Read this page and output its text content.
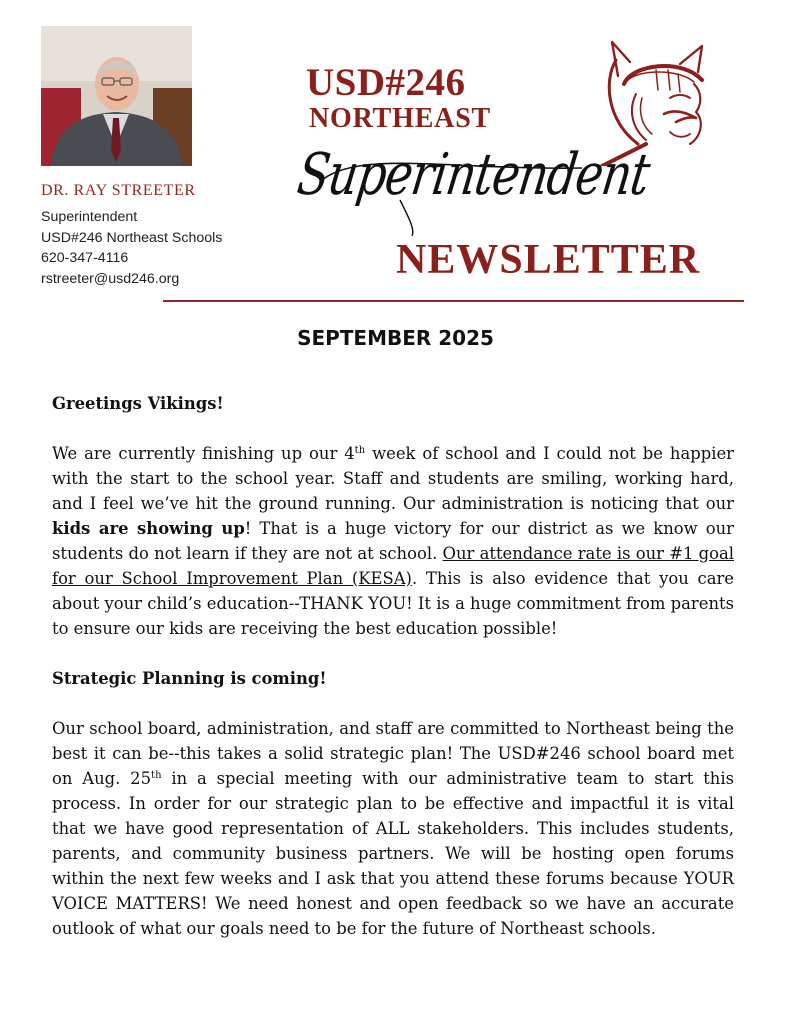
DR. RAY STREETER
Superintendent
USD#246 Northeast Schools
620-347-4116
rstreeter@usd246.org
USD#246
NORTHEAST
Superintendent
NEWSLETTER
SEPTEMBER 2025
Greetings Vikings!

We are currently finishing up our 4th week of school and I could not be happier with the start to the school year. Staff and students are smiling, working hard, and I feel we’ve hit the ground running. Our administration is noticing that our kids are showing up! That is a huge victory for our district as we know our students do not learn if they are not at school. Our attendance rate is our #1 goal for our School Improvement Plan (KESA). This is also evidence that you care about your child’s education--THANK YOU! It is a huge commitment from parents to ensure our kids are receiving the best education possible!

Strategic Planning is coming!

Our school board, administration, and staff are committed to Northeast being the best it can be--this takes a solid strategic plan! The USD#246 school board met on Aug. 25th in a special meeting with our administrative team to start this process. In order for our strategic plan to be effective and impactful it is vital that we have good representation of ALL stakeholders. This includes students, parents, and community business partners. We will be hosting open forums within the next few weeks and I ask that you attend these forums because YOUR VOICE MATTERS! We need honest and open feedback so we have an accurate outlook of what our goals need to be for the future of Northeast schools.
